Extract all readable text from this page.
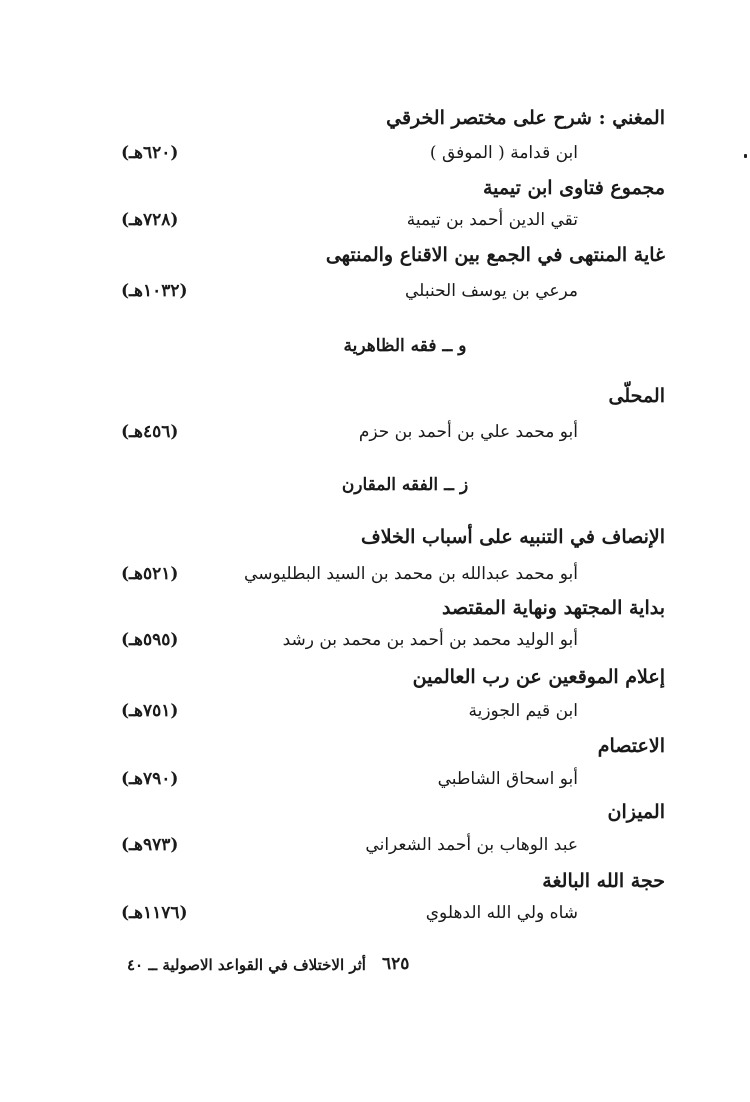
المغني : شرح على مختصر الخرقي
ابن قدامة ( الموفق )
(٦٢٠هـ)
مجموع فتاوى ابن تيمية
تقي الدين أحمد بن تيمية
(٧٢٨هـ)
غاية المنتهى في الجمع بين الاقناع والمنتهى
مرعي بن يوسف الحنبلي
(١٠٣٢هـ)
و ــ فقه الظاهرية
المحلّى
أبو محمد علي بن أحمد بن حزم
(٤٥٦هـ)
ز ــ الفقه المقارن
الإنصاف في التنبيه على أسباب الخلاف
أبو محمد عبدالله بن محمد بن السيد البطليوسي
(٥٢١هـ)
بداية المجتهد ونهاية المقتصد
أبو الوليد محمد بن أحمد بن محمد بن رشد
(٥٩٥هـ)
إعلام الموقعين عن رب العالمين
ابن قيم الجوزية
(٧٥١هـ)
الاعتصام
أبو اسحاق الشاطبي
(٧٩٠هـ)
الميزان
عبد الوهاب بن أحمد الشعراني
(٩٧٣هـ)
حجة الله البالغة
شاه ولي الله الدهلوي
(١١٧٦هـ)
٦٢٥
أثر الاختلاف في القواعد الاصولية ــ ٤٠
